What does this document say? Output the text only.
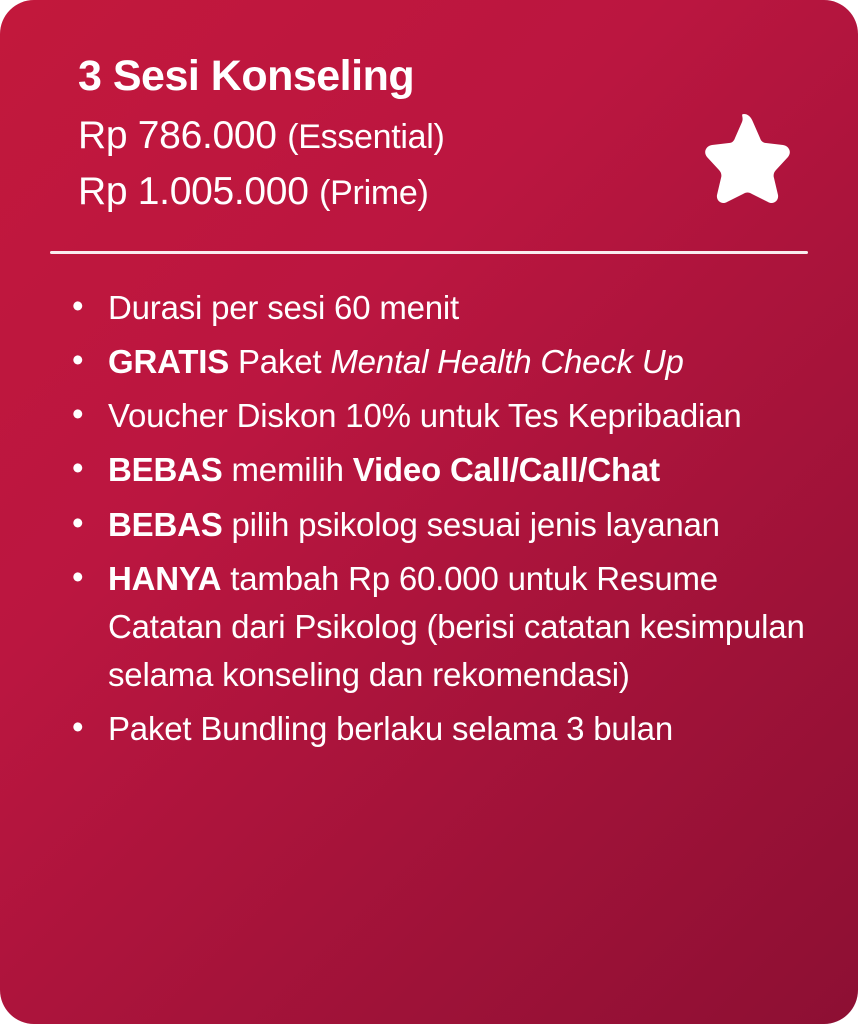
3 Sesi Konseling
Rp 786.000 (Essential)
Rp 1.005.000 (Prime)
• Durasi per sesi 60 menit
• GRATIS Paket Mental Health Check Up
• Voucher Diskon 10% untuk Tes Kepribadian
• BEBAS memilih Video Call/Call/Chat
• BEBAS pilih psikolog sesuai jenis layanan
• HANYA tambah Rp 60.000 untuk Resume Catatan dari Psikolog (berisi catatan kesimpulan selama konseling dan rekomendasi)
• Paket Bundling berlaku selama 3 bulan
